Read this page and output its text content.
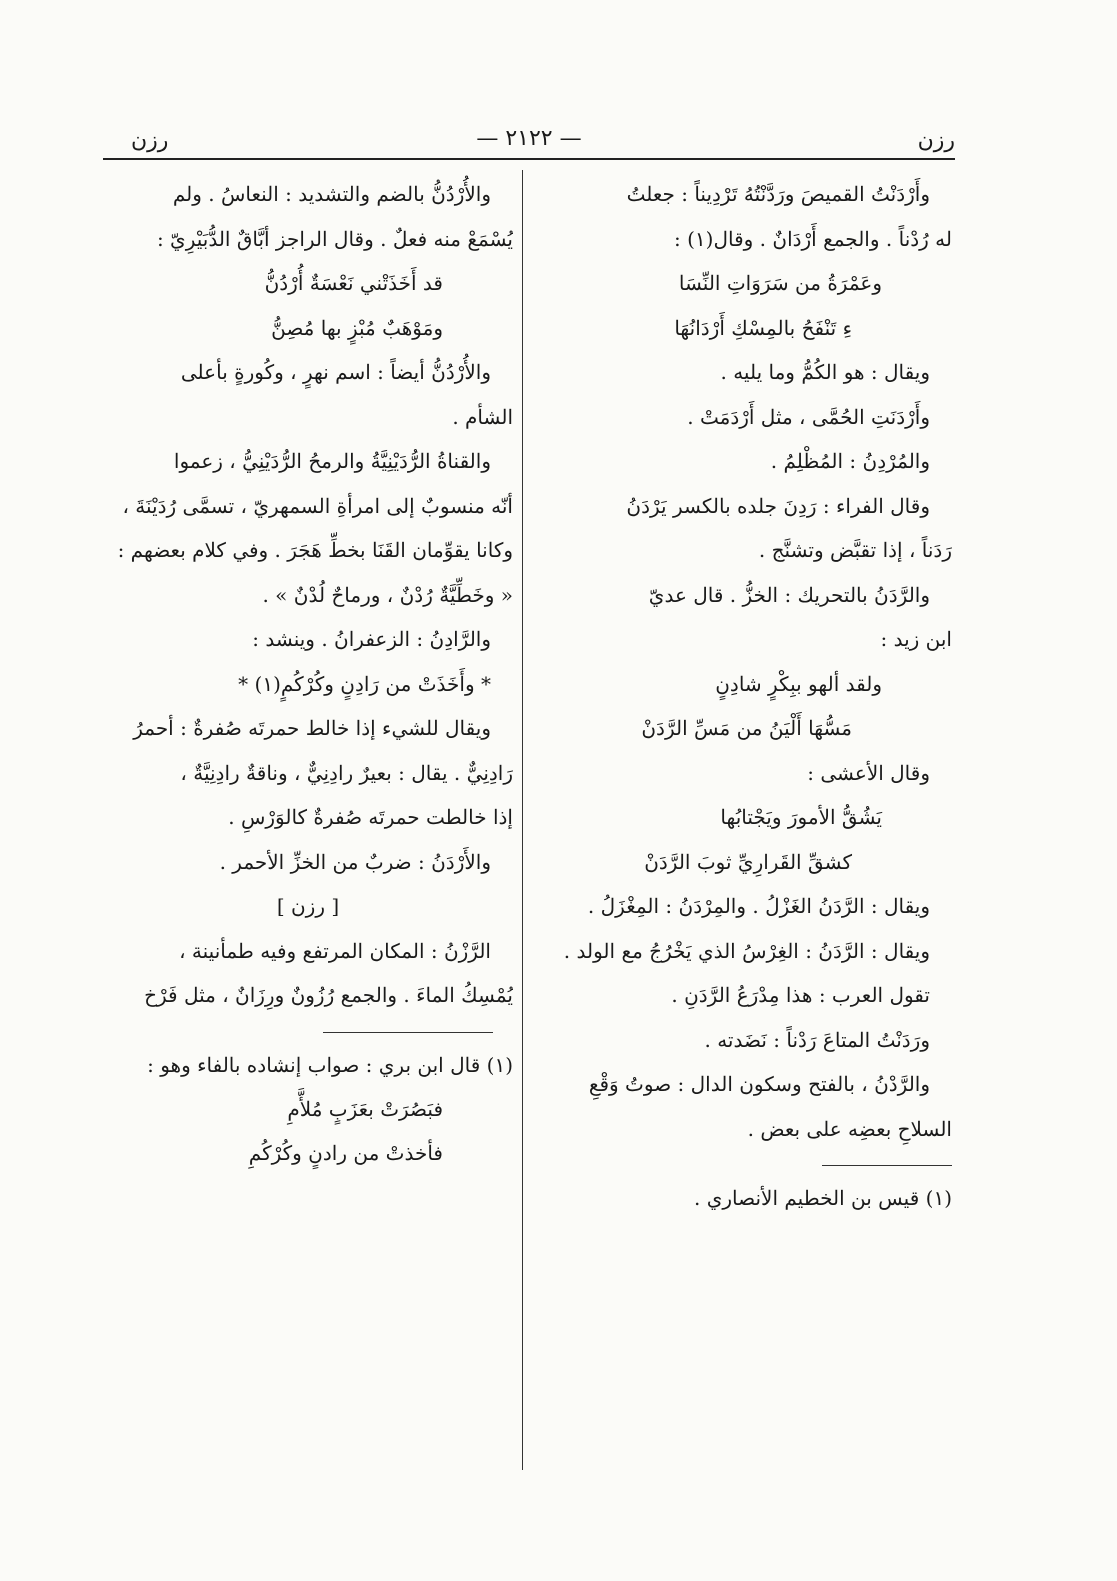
رزن
— ٢١٢٢ —
رزن
وأَرْدَنْتُ القميصَ ورَدَّنْتُهُ تَرْدِيناً : جعلتُ
له رُدْناً . والجمع أَرْدَانٌ . وقال(١) :
وعَمْرَةُ من سَرَوَاتِ النِّسَا
ءِ تَنْفَحُ بالمِسْكِ أَرْدَانُهَا
ويقال : هو الكُمُّ وما يليه .
وأَرْدَنَتِ الحُمَّى ، مثل أَرْدَمَتْ .
والمُرْدِنُ : المُظْلِمُ .
وقال الفراء : رَدِنَ جلده بالكسر يَرْدَنُ
رَدَناً ، إذا تقبَّض وتشنَّج .
والرَّدَنُ بالتحريك : الخزُّ . قال عديّ
ابن زيد :
ولقد ألهو ببِكْرٍ شادِنٍ
مَسُّهَا أَلْيَنُ من مَسِّ الرَّدَنْ
وقال الأعشى :
يَشُقُّ الأمورَ ويَجْتابُها
كشقِّ القَرارِيِّ ثوبَ الرَّدَنْ
ويقال : الرَّدَنُ الغَزْلُ . والمِرْدَنُ : المِغْزَلُ .
ويقال : الرَّدَنُ : الغِرْسُ الذي يَخْرُجُ مع الولد .
تقول العرب : هذا مِدْرَعُ الرَّدَنِ .
ورَدَنْتُ المتاعَ رَدْناً : نَضَدته .
والرَّدْنُ ، بالفتح وسكون الدال : صوتُ وَقْعِ
السلاحِ بعضِه على بعض .
(١) قيس بن الخطيم الأنصاري .
والأُرْدُنُّ بالضم والتشديد : النعاسُ . ولم
يُسْمَعْ منه فعلٌ . وقال الراجز أبَّاقٌ الدُّبَيْرِيّ :
قد أَخَذَتْني نَعْسَةٌ أُرْدُنُّ
ومَوْهَبٌ مُبْزٍ بها مُصِنُّ
والأُرْدُنُّ أيضاً : اسم نهرٍ ، وكُورةٍ بأعلى
الشأم .
والقناةُ الرُّدَيْنِيَّةُ والرمحُ الرُّدَيْنِيُّ ، زعموا
أنّه منسوبٌ إلى امرأةِ السمهريّ ، تسمَّى رُدَيْنَةَ ،
وكانا يقوِّمان القَنَا بخطِّ هَجَرَ . وفي كلام بعضهم :
« وخَطِّيَّةٌ رُدْنٌ ، ورماحٌ لُدْنٌ » .
والرَّادِنُ : الزعفرانُ . وينشد :
* وأَخَذَتْ من رَادِنٍ وكُرْكُمٍ(١) *
ويقال للشيء إذا خالط حمرتَه صُفرةٌ : أحمرُ
رَادِنِيٌّ . يقال : بعيرٌ رادِنِيٌّ ، وناقةٌ رادِنِيَّةٌ ،
إذا خالطت حمرتَه صُفرةٌ كالوَرْسِ .
والأَرْدَنُ : ضربٌ من الخزِّ الأحمر .
[ رزن ]
الرَّزْنُ : المكان المرتفع وفيه طمأنينة ،
يُمْسِكُ الماءَ . والجمع رُزُونٌ ورِزَانٌ ، مثل فَرْخ
(١) قال ابن بري : صواب إنشاده بالفاء وهو :
فبَصُرَتْ بعَزَبٍ مُلأَّمِ
فأخذتْ من رادنٍ وكُرْكُمِ
